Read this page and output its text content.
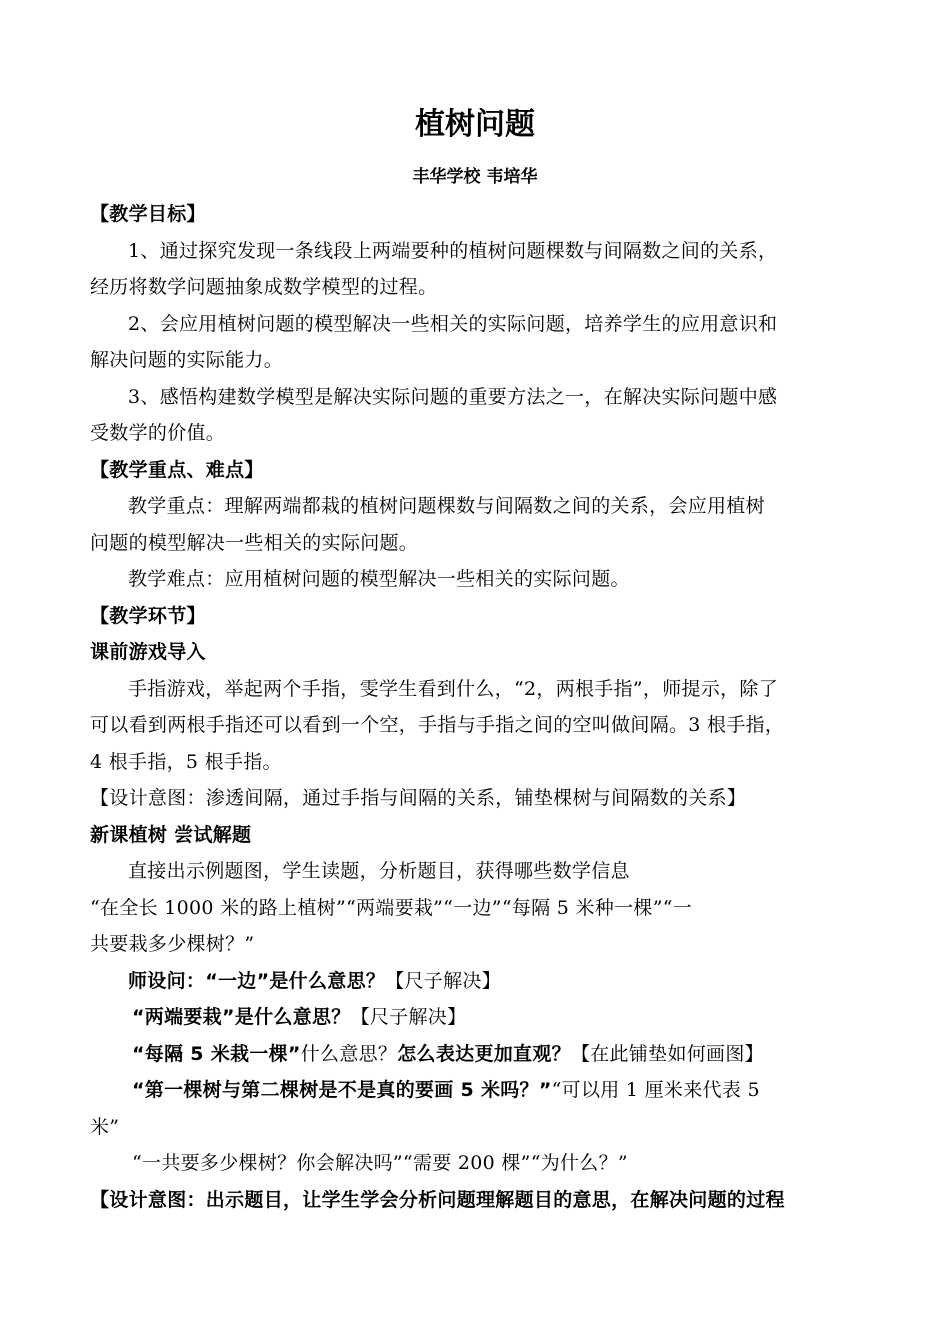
植树问题
丰华学校 韦培华
【教学目标】
1、通过探究发现一条线段上两端要种的植树问题棵数与间隔数之间的关系，
经历将数学问题抽象成数学模型的过程。
2、会应用植树问题的模型解决一些相关的实际问题，培养学生的应用意识和
解决问题的实际能力。
3、感悟构建数学模型是解决实际问题的重要方法之一，在解决实际问题中感
受数学的价值。
【教学重点、难点】
教学重点：理解两端都栽的植树问题棵数与间隔数之间的关系，会应用植树
问题的模型解决一些相关的实际问题。
教学难点：应用植树问题的模型解决一些相关的实际问题。
【教学环节】
课前游戏导入
手指游戏，举起两个手指，雯学生看到什么，“2，两根手指”，师提示，除了
可以看到两根手指还可以看到一个空，手指与手指之间的空叫做间隔。3 根手指，
4 根手指，5 根手指。
【设计意图：渗透间隔，通过手指与间隔的关系，铺垫棵树与间隔数的关系】
新课植树 尝试解题
直接出示例题图，学生读题，分析题目，获得哪些数学信息
“在全长 1000 米的路上植树”“两端要栽”“一边”“每隔 5 米种一棵”“一
共要栽多少棵树？”
师设问：“一边”是什么意思？【尺子解决】
“两端要栽”是什么意思？【尺子解决】
“每隔 5 米栽一棵”什么意思？怎么表达更加直观？【在此铺垫如何画图】
“第一棵树与第二棵树是不是真的要画 5 米吗？”“可以用 1 厘米来代表 5
米”
“一共要多少棵树？你会解决吗”“需要 200 棵”“为什么？”
【设计意图：出示题目，让学生学会分析问题理解题目的意思，在解决问题的过程
